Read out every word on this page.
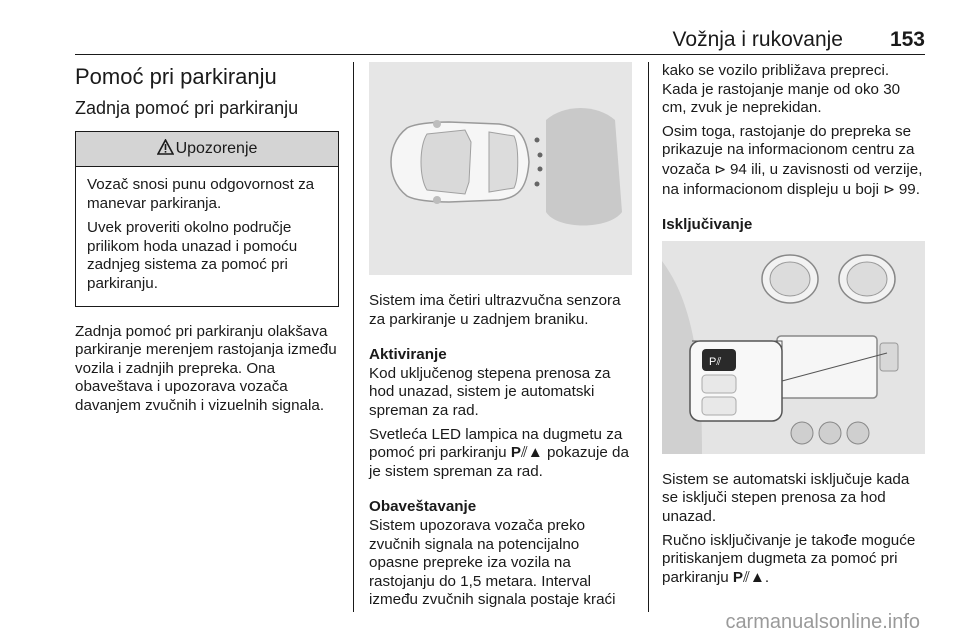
Vožnja i rukovanje 153
Pomoć pri parkiranju
Zadnja pomoć pri parkiranju
Upozorenje

Vozač snosi punu odgovornost za manevar parkiranja.

Uvek proveriti okolno područje prilikom hoda unazad i pomoću zadnjeg sistema za pomoć pri parkiranju.

Zadnja pomoć pri parkiranju olakšava parkiranje merenjem rastojanja između vozila i zadnjih prepreka. Ona obaveštava i upozorava vozača davanjem zvučnih i vizuelnih signala.

Sistem ima četiri ultrazvučna senzora za parkiranje u zadnjem braniku.

Aktiviranje

Kod uključenog stepena prenosa za hod unazad, sistem je automatski spreman za rad.

Svetleća LED lampica na dugmetu za pomoć pri parkiranju P⫽▲ pokazuje da je sistem spreman za rad.

Obaveštavanje

Sistem upozorava vozača preko zvučnih signala na potencijalno opasne prepreke iza vozila na rastojanju do 1,5 metara. Interval između zvučnih signala postaje kraći

kako se vozilo približava prepreci. Kada je rastojanje manje od oko 30 cm, zvuk je neprekidan.

Osim toga, rastojanje do prepreka se prikazuje na informacionom centru za vozača ⊳ 94 ili, u zavisnosti od verzije, na informacionom displeju u boji ⊳ 99.

Isključivanje
P⫽

Sistem se automatski isključuje kada se isključi stepen prenosa za hod unazad.

Ručno isključivanje je takođe moguće pritiskanjem dugmeta za pomoć pri parkiranju P⫽▲.

carmanualsonline.info
